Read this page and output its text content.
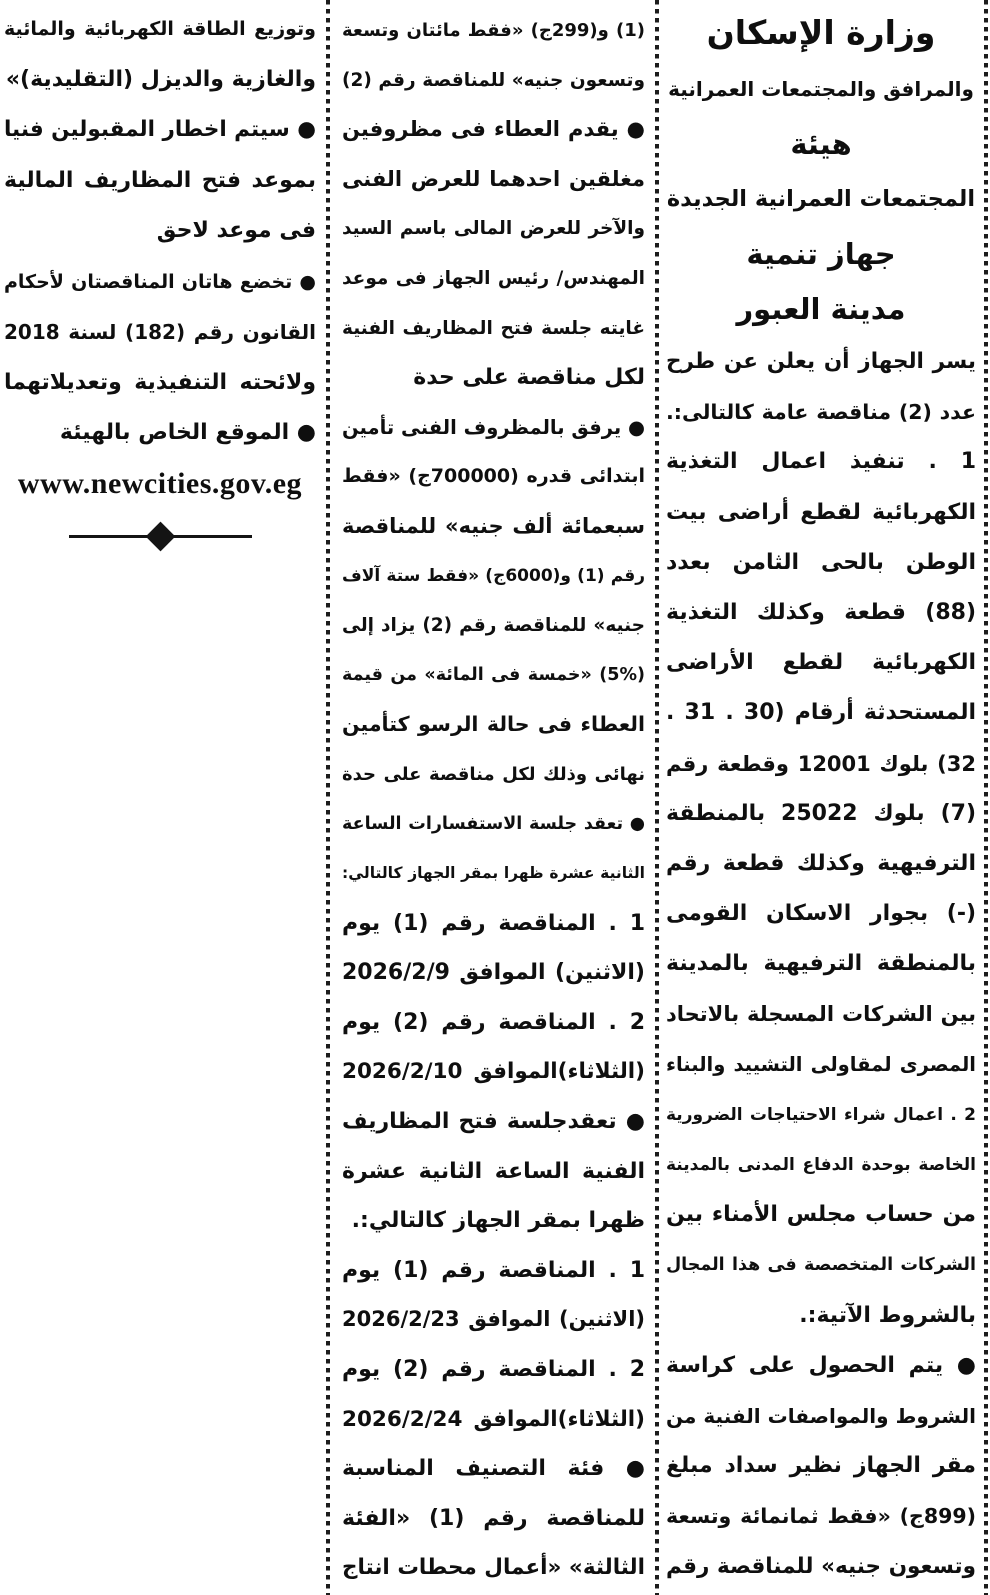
وزارة الإسكان
والمرافق والمجتمعات العمرانية
هيئة
المجتمعات العمرانية الجديدة
جهاز تنمية
مدينة العبور
يسر الجهاز أن يعلن عن طرح
عدد (2) مناقصة عامة كالتالى:.
1 . تنفيذ اعمال التغذية
الكهربائية لقطع أراضى بيت
الوطن بالحى الثامن بعدد
(88) قطعة وكذلك التغذية
الكهربائية لقطع الأراضى
المستحدثة أرقام (30 . 31 .
32) بلوك 12001 وقطعة رقم
(7) بلوك 25022 بالمنطقة
الترفيهية وكذلك قطعة رقم
(-) بجوار الاسكان القومى
بالمنطقة الترفيهية بالمدينة
بين الشركات المسجلة بالاتحاد
المصرى لمقاولى التشييد والبناء
2 . اعمال شراء الاحتياجات الضرورية
الخاصة بوحدة الدفاع المدنى بالمدينة
من حساب مجلس الأمناء بين
الشركات المتخصصة فى هذا المجال
بالشروط الآتية:.
● يتم الحصول على كراسة
الشروط والمواصفات الفنية من
مقر الجهاز نظير سداد مبلغ
(899ج) «فقط ثمانمائة وتسعة
وتسعون جنيه» للمناقصة رقم
(1) و(299ج) «فقط مائتان وتسعة
وتسعون جنيه» للمناقصة رقم (2)
● يقدم العطاء فى مظروفين
مغلقين احدهما للعرض الفنى
والآخر للعرض المالى باسم السيد
المهندس/ رئيس الجهاز فى موعد
غايته جلسة فتح المظاريف الفنية
لكل مناقصة على حدة
● يرفق بالمظروف الفنى تأمين
ابتدائى قدره (700000ج) «فقط
سبعمائة ألف جنيه» للمناقصة
رقم (1) و(6000ج) «فقط ستة آلاف
جنيه» للمناقصة رقم (2) يزاد إلى
(5%) «خمسة فى المائة» من قيمة
العطاء فى حالة الرسو كتأمين
نهائى وذلك لكل مناقصة على حدة
● تعقد جلسة الاستفسارات الساعة
الثانية عشرة ظهرا بمقر الجهاز كالتالي:
1 . المناقصة رقم (1) يوم
(الاثنين) الموافق 2026/2/9
2 . المناقصة رقم (2) يوم
(الثلاثاء)الموافق 2026/2/10
● تعقدجلسة فتح المظاريف
الفنية الساعة الثانية عشرة
ظهرا بمقر الجهاز كالتالي:.
1 . المناقصة رقم (1) يوم
(الاثنين) الموافق 2026/2/23
2 . المناقصة رقم (2) يوم
(الثلاثاء)الموافق 2026/2/24
● فئة التصنيف المناسبة
للمناقصة رقم (1) «الفئة
الثالثة» «أعمال محطات انتاج
وتوزيع الطاقة الكهربائية والمائية
والغازية والديزل (التقليدية)»
● سيتم اخطار المقبولين فنيا
بموعد فتح المظاريف المالية
فى موعد لاحق
● تخضع هاتان المناقصتان لأحكام
القانون رقم (182) لسنة 2018
ولائحته التنفيذية وتعديلاتهما
● الموقع الخاص بالهيئة
www.newcities.gov.eg
